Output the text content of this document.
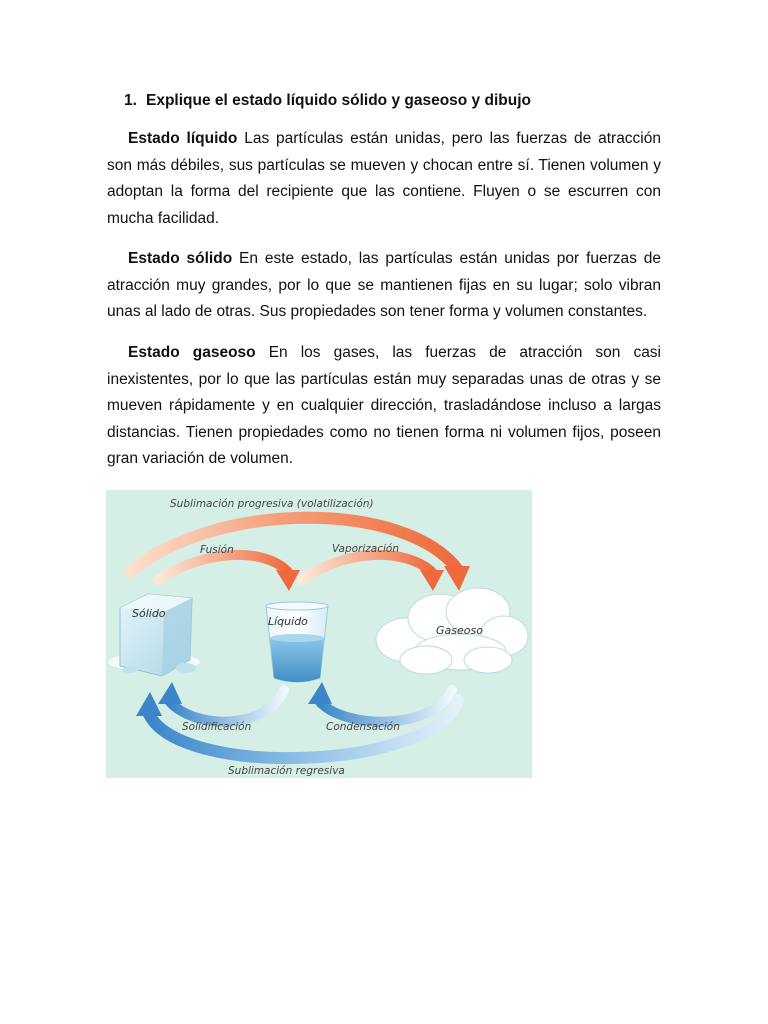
1. Explique el estado líquido sólido y gaseoso y dibujo

Estado líquido Las partículas están unidas, pero las fuerzas de atracción son más débiles, sus partículas se mueven y chocan entre sí. Tienen volumen y adoptan la forma del recipiente que las contiene. Fluyen o se escurren con mucha facilidad.

Estado sólido En este estado, las partículas están unidas por fuerzas de atracción muy grandes, por lo que se mantienen fijas en su lugar; solo vibran unas al lado de otras. Sus propiedades son tener forma y volumen constantes.

Estado gaseoso En los gases, las fuerzas de atracción son casi inexistentes, por lo que las partículas están muy separadas unas de otras y se mueven rápidamente y en cualquier dirección, trasladándose incluso a largas distancias. Tienen propiedades como no tienen forma ni volumen fijos, poseen gran variación de volumen.

Sublimación progresiva (volatilización)
Fusión	Vaporización
Sólido
Líquido
Gaseoso
Solidificación	Condensación
Sublimación regresiva
